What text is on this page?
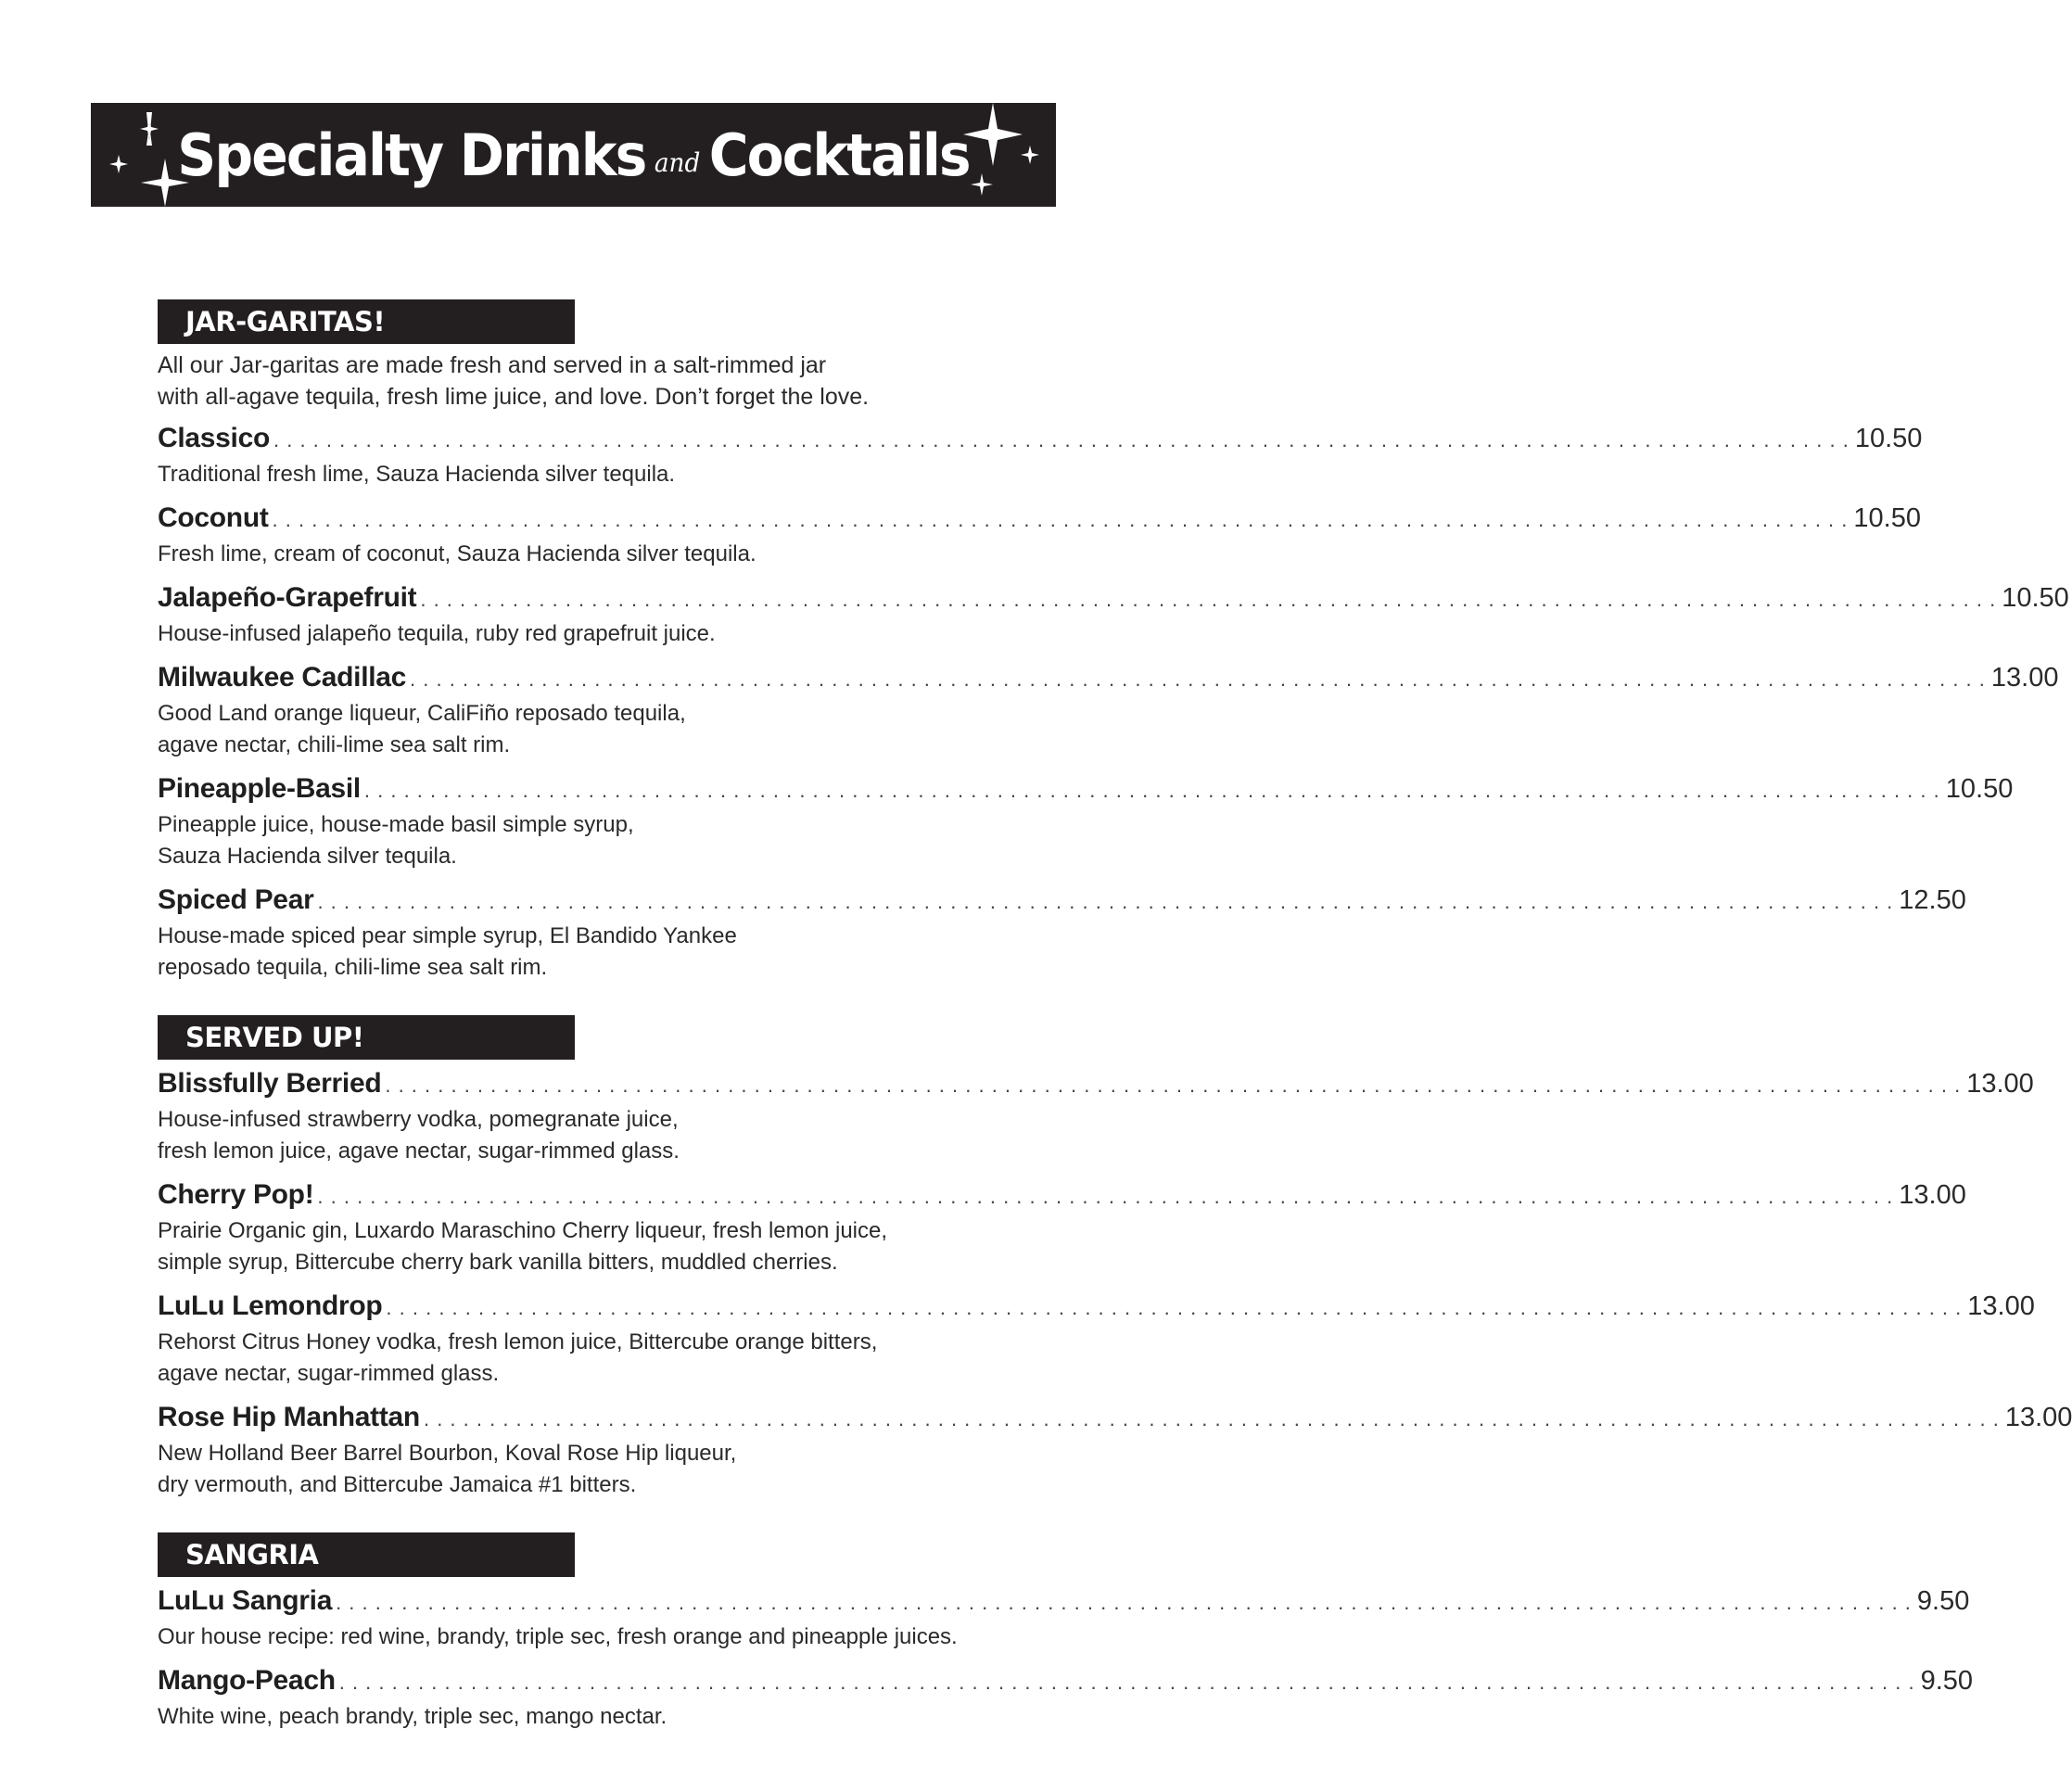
Specialty Drinks and Cocktails
JAR-GARITAS!
All our Jar-garitas are made fresh and served in a salt-rimmed jar
with all-agave tequila, fresh lime juice, and love. Don’t forget the love.
Classico . . . . . . . . . . . . . . . . . . . . . . . . . . . . . . . . . . . . . . . . . . . . . . . . . . . . . . . . . . . . . . . . . . . . . . . . . . . . . . . . . . . . . . . . . . . . . . . . . . . . . . . . . . . . . . . . . . . . . . . . 10.50
Traditional fresh lime, Sauza Hacienda silver tequila.
Coconut . . . . . . . . . . . . . . . . . . . . . . . . . . . . . . . . . . . . . . . . . . . . . . . . . . . . . . . . . . . . . . . . . . . . . . . . . . . . . . . . . . . . . . . . . . . . . . . . . . . . . . . . . . . . . . . . . . . . . . . . 10.50
Fresh lime, cream of coconut, Sauza Hacienda silver tequila.
Jalapeño-Grapefruit . . . . . . . . . . . . . . . . . . . . . . . . . . . . . . . . . . . . . . . . . . . . . . . . . . . . . . . . . . . . . . . . . . . . . . . . . . . . . . . . . . . . . . . . . . . . . . . . . . . . . . . . . . . . . . . . . . . . . . . . 10.50
House-infused jalapeño tequila, ruby red grapefruit juice.
Milwaukee Cadillac . . . . . . . . . . . . . . . . . . . . . . . . . . . . . . . . . . . . . . . . . . . . . . . . . . . . . . . . . . . . . . . . . . . . . . . . . . . . . . . . . . . . . . . . . . . . . . . . . . . . . . . . . . . . . . . . . . . . . . . . 13.00
Good Land orange liqueur, CaliFiño reposado tequila,
agave nectar, chili-lime sea salt rim.
Pineapple-Basil . . . . . . . . . . . . . . . . . . . . . . . . . . . . . . . . . . . . . . . . . . . . . . . . . . . . . . . . . . . . . . . . . . . . . . . . . . . . . . . . . . . . . . . . . . . . . . . . . . . . . . . . . . . . . . . . . . . . . . . . 10.50
Pineapple juice, house-made basil simple syrup,
Sauza Hacienda silver tequila.
Spiced Pear . . . . . . . . . . . . . . . . . . . . . . . . . . . . . . . . . . . . . . . . . . . . . . . . . . . . . . . . . . . . . . . . . . . . . . . . . . . . . . . . . . . . . . . . . . . . . . . . . . . . . . . . . . . . . . . . . . . . . . . . 12.50
House-made spiced pear simple syrup, El Bandido Yankee
reposado tequila, chili-lime sea salt rim.
SERVED UP!
Blissfully Berried . . . . . . . . . . . . . . . . . . . . . . . . . . . . . . . . . . . . . . . . . . . . . . . . . . . . . . . . . . . . . . . . . . . . . . . . . . . . . . . . . . . . . . . . . . . . . . . . . . . . . . . . . . . . . . . . . . . . . . . . 13.00
House-infused strawberry vodka, pomegranate juice,
fresh lemon juice, agave nectar, sugar-rimmed glass.
Cherry Pop! . . . . . . . . . . . . . . . . . . . . . . . . . . . . . . . . . . . . . . . . . . . . . . . . . . . . . . . . . . . . . . . . . . . . . . . . . . . . . . . . . . . . . . . . . . . . . . . . . . . . . . . . . . . . . . . . . . . . . . . . 13.00
Prairie Organic gin, Luxardo Maraschino Cherry liqueur, fresh lemon juice,
simple syrup, Bittercube cherry bark vanilla bitters, muddled cherries.
LuLu Lemondrop . . . . . . . . . . . . . . . . . . . . . . . . . . . . . . . . . . . . . . . . . . . . . . . . . . . . . . . . . . . . . . . . . . . . . . . . . . . . . . . . . . . . . . . . . . . . . . . . . . . . . . . . . . . . . . . . . . . . . . . . 13.00
Rehorst Citrus Honey vodka, fresh lemon juice, Bittercube orange bitters,
agave nectar, sugar-rimmed glass.
Rose Hip Manhattan . . . . . . . . . . . . . . . . . . . . . . . . . . . . . . . . . . . . . . . . . . . . . . . . . . . . . . . . . . . . . . . . . . . . . . . . . . . . . . . . . . . . . . . . . . . . . . . . . . . . . . . . . . . . . . . . . . . . . . . . 13.00
New Holland Beer Barrel Bourbon, Koval Rose Hip liqueur,
dry vermouth, and Bittercube Jamaica #1 bitters.
SANGRIA
LuLu Sangria . . . . . . . . . . . . . . . . . . . . . . . . . . . . . . . . . . . . . . . . . . . . . . . . . . . . . . . . . . . . . . . . . . . . . . . . . . . . . . . . . . . . . . . . . . . . . . . . . . . . . . . . . . . . . . . . . . . . . . . . 9.50
Our house recipe: red wine, brandy, triple sec, fresh orange and pineapple juices.
Mango-Peach . . . . . . . . . . . . . . . . . . . . . . . . . . . . . . . . . . . . . . . . . . . . . . . . . . . . . . . . . . . . . . . . . . . . . . . . . . . . . . . . . . . . . . . . . . . . . . . . . . . . . . . . . . . . . . . . . . . . . . . . 9.50
White wine, peach brandy, triple sec, mango nectar.
